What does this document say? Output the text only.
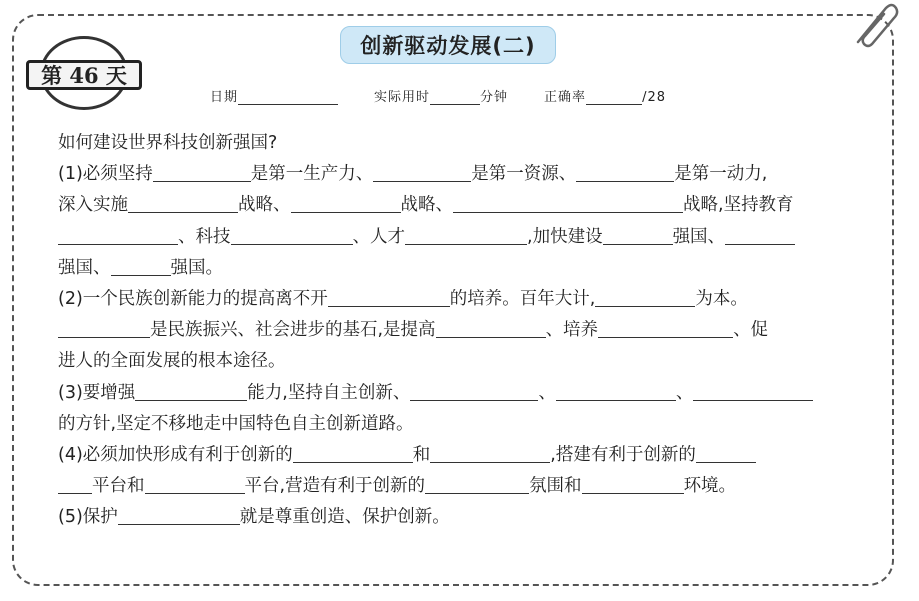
创新驱动发展(二)
第 46 天
日期	实际用时	分钟	正确率	/28
如何建设世界科技创新强国?
(1)必须坚持	是第一生产力、	是第一资源、	是第一动力,
深入实施	战略、	战略、	战略,坚持教育
、科技	、人才	,加快建设	强国、
强国、	强国。
(2)一个民族创新能力的提高离不开	的培养。百年大计,	为本。
是民族振兴、社会进步的基石,是提高	、培养	、促
进人的全面发展的根本途径。
(3)要增强	能力,坚持自主创新、	、	、
的方针,坚定不移地走中国特色自主创新道路。
(4)必须加快形成有利于创新的	和	,搭建有利于创新的
平台和	平台,营造有利于创新的	氛围和	环境。
(5)保护	就是尊重创造、保护创新。
